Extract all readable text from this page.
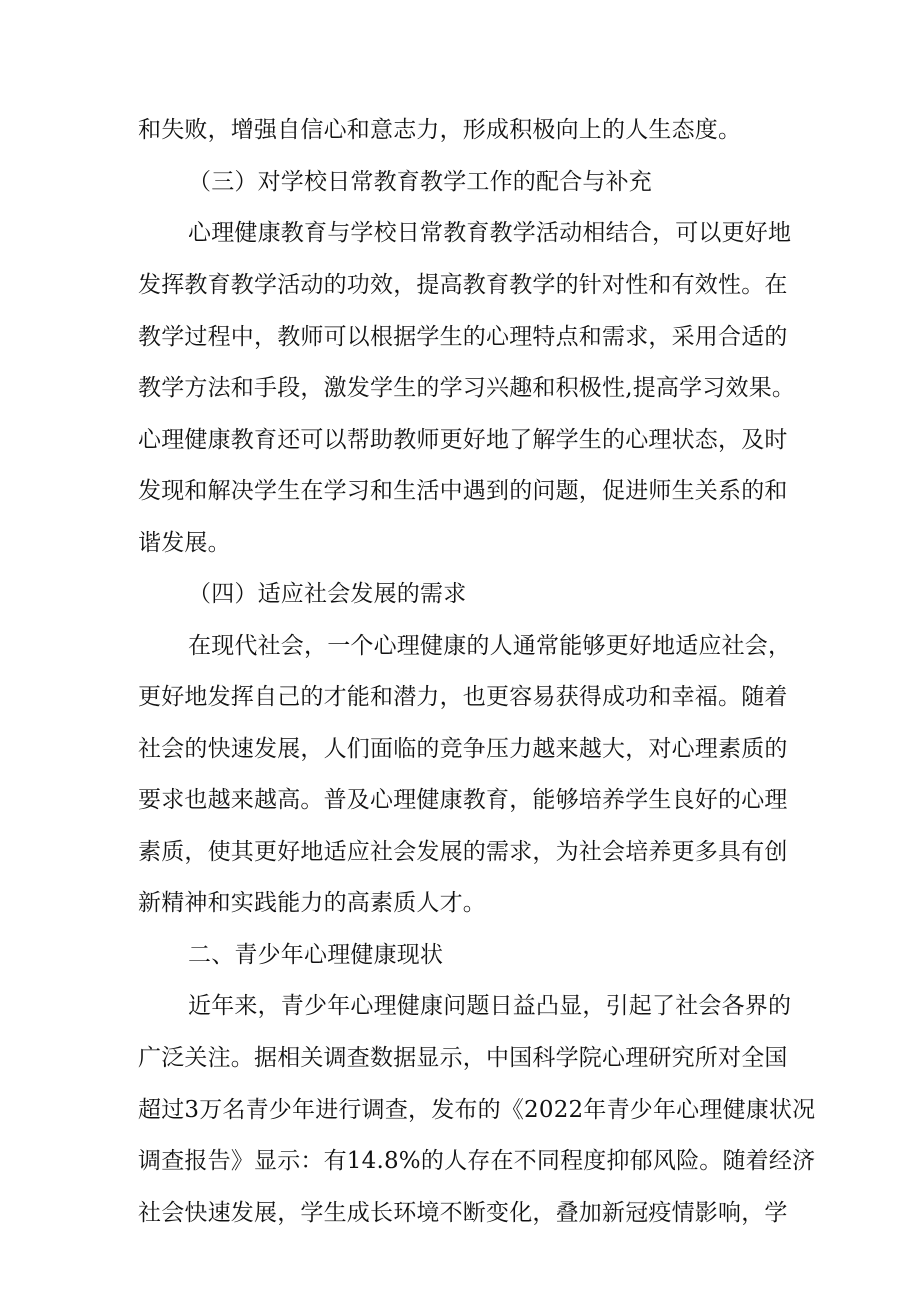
和失败，增强自信心和意志力，形成积极向上的人生态度。
（三）对学校日常教育教学工作的配合与补充
心理健康教育与学校日常教育教学活动相结合，可以更好地
发挥教育教学活动的功效，提高教育教学的针对性和有效性。在
教学过程中，教师可以根据学生的心理特点和需求，采用合适的
教学方法和手段，激发学生的学习兴趣和积极性,提高学习效果。
心理健康教育还可以帮助教师更好地了解学生的心理状态，及时
发现和解决学生在学习和生活中遇到的问题，促进师生关系的和
谐发展。
（四）适应社会发展的需求
在现代社会，一个心理健康的人通常能够更好地适应社会，
更好地发挥自己的才能和潜力，也更容易获得成功和幸福。随着
社会的快速发展，人们面临的竞争压力越来越大，对心理素质的
要求也越来越高。普及心理健康教育，能够培养学生良好的心理
素质，使其更好地适应社会发展的需求，为社会培养更多具有创
新精神和实践能力的高素质人才。
二、青少年心理健康现状
近年来，青少年心理健康问题日益凸显，引起了社会各界的
广泛关注。据相关调查数据显示，中国科学院心理研究所对全国
超过3万名青少年进行调查，发布的《2022年青少年心理健康状况
调查报告》显示：有14.8%的人存在不同程度抑郁风险。随着经济
社会快速发展，学生成长环境不断变化，叠加新冠疫情影响，学
